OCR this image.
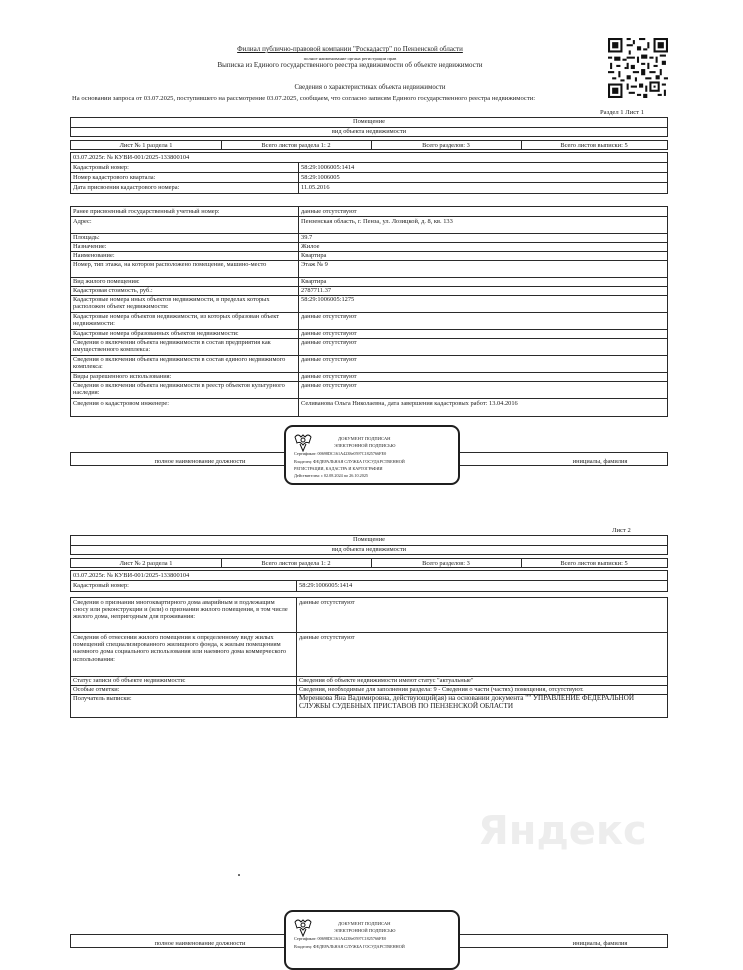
Филиал публично-правовой компании "Роскадастр" по Пензенской области
полное наименование органа регистрации прав
Выписка из Единого государственного реестра недвижимости об объекте недвижимости
Сведения о характеристиках объекта недвижимости
На основании запроса от 03.07.2025, поступившего на рассмотрение 03.07.2025, сообщаем, что согласно записям Единого государственного реестра недвижимости:
Раздел 1 Лист 1
Помещение
вид объекта недвижимости
Лист № 1 раздела 1	Всего листов раздела 1: 2	Всего разделов: 3	Всего листов выписки: 5
03.07.2025г. № КУВИ-001/2025-133800104
Кадастровый номер:	58:29:1006005:1414
Номер кадастрового квартала:	58:29:1006005
Дата присвоения кадастрового номера:	11.05.2016
Ранее присвоенный государственный учетный номер:	данные отсутствуют
Адрес:	Пензенская область, г. Пенза, ул. Лозицкой, д. 8, кв. 133
Площадь:	39.7
Назначение:	Жилое
Наименование:	Квартира
Номер, тип этажа, на котором расположено помещение, машино-место	Этаж № 9
Вид жилого помещения:	Квартира
Кадастровая стоимость, руб.:	2787711.37
Кадастровые номера иных объектов недвижимости, в пределах которых расположен объект недвижимости:
58:29:1006005:1275
Кадастровые номера объектов недвижимости, из которых образован объект недвижимости:
данные отсутствуют
Кадастровые номера образованных объектов недвижимости:	данные отсутствуют
Сведения о включении объекта недвижимости в состав предприятия как имущественного комплекса:
данные отсутствуют
Сведения о включении объекта недвижимости в состав единого недвижимого комплекса:
данные отсутствуют
Виды разрешенного использования:	данные отсутствуют
Сведения о включении объекта недвижимости в реестр объектов культурного наследия:
данные отсутствуют
Сведения о кадастровом инженере:	Селиванова Ольга Николаевна, дата завершения кадастровых работ: 13.04.2016
полное наименование должности	инициалы, фамилия
ДОКУМЕНТ ПОДПИСАН
ЭЛЕКТРОННОЙ ПОДПИСЬЮ
Сертификат: 00698DC161A4238e0597C1825766FE0
Владелец: ФЕДЕРАЛЬНАЯ СЛУЖБА ГОСУДАРСТВЕННОЙ
РЕГИСТРАЦИИ, КАДАСТРА И КАРТОГРАФИИ
Действителен: с 02.08.2024 по 26.10.2025
Лист 2
Помещение
вид объекта недвижимости
Лист № 2 раздела 1	Всего листов раздела 1: 2	Всего разделов: 3	Всего листов выписки: 5
03.07.2025г. № КУВИ-001/2025-133800104
Кадастровый номер:	58:29:1006005:1414
Сведения о признании многоквартирного дома аварийным и подлежащим сносу или реконструкции и (или) о признании жилого помещения, в том числе жилого дома, непригодным для проживания:
данные отсутствуют
Сведения об отнесении жилого помещения к определенному виду жилых помещений специализированного жилищного фонда, к жилым помещениям наемного дома социального использования или наемного дома коммерческого использования:
данные отсутствуют
Статус записи об объекте недвижимости:	Сведения об объекте недвижимости имеют статус "актуальные"
Особые отметки:	Сведения, необходимые для заполнения раздела: 9 - Сведения о части (частях) помещения, отсутствуют.
Получатель выписки:	Меренкова Яна Вадимировна, действующий(ая) на основании документа "" УПРАВЛЕНИЕ ФЕДЕРАЛЬНОЙ СЛУЖБЫ СУДЕБНЫХ ПРИСТАВОВ ПО ПЕНЗЕНСКОЙ ОБЛАСТИ
Яндекс
полное наименование должности	инициалы, фамилия
ДОКУМЕНТ ПОДПИСАН
ЭЛЕКТРОННОЙ ПОДПИСЬЮ
Сертификат: 00698DC161A4238e0597C1825766FE0
Владелец: ФЕДЕРАЛЬНАЯ СЛУЖБА ГОСУДАРСТВЕННОЙ
